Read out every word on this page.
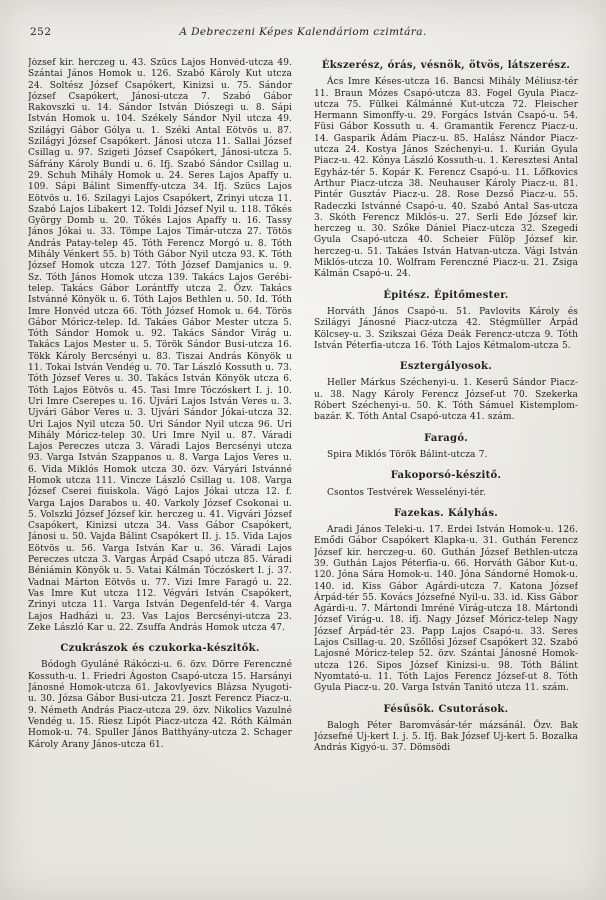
252	A Debreczeni Képes Kalendáriom czimtára.

József kir. herczeg u. 43. Szücs Lajos Honvéd-utcza 49. Szántai János Homok u. 126. Szabó Károly Kut utcza 24. Soltész József Csapókert, Kinizsi u. 75. Sándor József Csapókert, Jánosi-utcza 7. Szabó Gábor Rakovszki u. 14. Sándor István Diószegi u. 8. Sápi István Homok u. 104. Székely Sándor Nyil utcza 49. Szilágyi Gábor Gólya u. 1. Széki Antal Eötvös u. 87. Szilágyi József Csapókert. Jánosi utcza 11. Sallai József Csillag u. 97. Szigeti József Csapókert, Jánosi-utcza 5. Sáfrány Károly Bundi u. 6. Ifj. Szabó Sándor Csillag u. 29. Schuh Mihály Homok u. 24. Seres Lajos Apaffy u. 109. Sápi Bálint Simenffy-utcza 34. Ifj. Szücs Lajos Eötvös u. 16. Szilagyi Lajos Csapókert, Zrinyi utcza 11. Szabó Lajos Libakert 12. Toldi József Nyil u. 118. Tőkés György Domb u. 20. Tőkés Lajos Apaffy u. 16. Tassy János Jókai u. 33. Tömpe Lajos Timár-utcza 27. Tötös András Patay-telep 45. Tóth Ferencz Morgó u. 8. Tóth Mihály Vénkert 55. b) Tóth Gábor Nyil utcza 93. K. Tóth József Homok utcza 127. Tóth József Damjanics u. 9. Sz. Tóth János Homok utcza 139. Takács Lajos Gerébi-telep. Takács Gábor Lorántffy utcza 2. Özv. Takács Istvánné Könyök u. 6. Tóth Lajos Bethlen u. 50. Id. Tóth Imre Honvéd utcza 66. Tóth József Homok u. 64. Törös Gábor Móricz-telep. Id. Takáes Gábor Mester utcza 5. Tóth Sándor Homok u. 92. Takács Sándor Virág u. Takács Lajos Mester u. 5. Török Sándor Busi-utcza 16. Tökk Károly Bercsényi u. 83. Tiszai András Könyök u 11. Tokai István Vendég u. 70. Tar László Kossuth u. 73. Tóth József Veres u. 30. Takács István Könyök utcza 6. Tóth Lajos Eötvös u. 45. Tasi Imre Tóczóskert I. j. 10. Uri Imre Cserepes u. 16. Újvári Lajos István Veres u. 3. Ujvári Gábor Veres u. 3. Ujvári Sándor Jókai-utcza 32. Uri Lajos Nyil utcza 50. Uri Sándor Nyil utcza 96. Uri Mihály Móricz-telep 30. Uri Imre Nyil u. 87. Váradi Lajos Pereczes utcza 3. Váradi Lajos Bercsényi utcza 93. Varga István Szappanos u. 8. Varga Lajos Veres u. 6. Vida Miklós Homok utcza 30. özv. Váryári Istvánné Homok utcza 111. Vincze László Csillag u. 108. Varga József Cserei fiuiskola. Vágó Lajos Jókai utcza 12. f. Varga Lajos Darabos u. 40. Varkoly József Csokonai u. 5. Volszki József József kir. herczeg u. 41. Vigvári József Csapókert, Kinizsi utcza 34. Vass Gábor Csapókert, Jánosi u. 50. Vajda Bálint Csapókert II. j. 15. Vida Lajos Eötvös u. 56. Varga István Kar u. 36. Váradi Lajos Pereczes utcza 3. Vargas Árpád Csapó utcza 85. Váradi Béniámin Könyök u. 5. Vatai Kálmán Tóczóskert I. j. 37. Vadnai Márton Eötvös u. 77. Vizi Imre Faragó u. 22. Vas Imre Kut utcza 112. Végvári István Csapókert, Zrinyi utcza 11. Varga István Degenfeld-tér 4. Varga Lajos Hadházi u. 23. Vas Lajos Bercsényi-utcza 23. Zeke László Kar u. 22. Zsuffa András Homok utcza 47.

Czukrászok és czukorka-készitők.

Bódogh Gyuláné Rákóczi-u. 6. özv. Dörre Ferenczné Kossuth-u. 1. Friedri Ágoston Csapó-utcza 15. Harsányi Jánosné Homok-utcza 61. Jakovlyevics Blázsa Nyugoti-u. 30. Józsa Gábor Busi-utcza 21. Joszt Ferencz Piacz-u. 9. Németh András Piacz-utcza 29. özv. Nikolics Vazulné Vendég u. 15. Riesz Lipót Piacz-utcza 42. Róth Kálmán Homok-u. 74. Spuller János Batthyány-utcza 2. Schager Károly Arany János-utcza 61.

Ékszerész, órás, vésnök, ötvös, látszerész.

Ács Imre Késes-utcza 16. Bancsi Mihály Méliusz-tér 11. Braun Mózes Csapó-utcza 83. Fogel Gyula Piacz-utcza 75. Fülkei Kálmánné Kut-utcza 72. Fleischer Hermann Simonffy-u. 29. Forgács István Csapó-u. 54. Füsi Gábor Kossuth u. 4. Gramantik Ferencz Piacz-u. 14. Gasparik Ádám Piacz-u. 85. Halász Nándor Piacz-utcza 24. Kostya János Széchenyi-u. 1. Kurián Gyula Piacz-u. 42. Kónya László Kossuth-u. 1. Keresztesi Antal Egyház-tér 5. Kopár K. Ferencz Csapó-u. 11. Lőfkovics Arthur Piacz-utcza 38. Neuhauser Károly Piacz-u. 81. Pintér Gusztáv Piacz-u. 28. Rose Dezső Piacz-u. 55. Radeczki Istvánné Csapó-u. 40. Szabó Antal Sas-utcza 3. Skóth Ferencz Miklós-u. 27. Serli Ede József kir. herczeg u. 30. Szőke Dániel Piacz-utcza 32. Szegedi Gyula Csapó-utcza 40. Scheier Fülöp József kir. herczeg-u. 51. Takáes István Hatvan-utcza. Vági István Miklós-utcza 10. Wolfram Ferenczné Piacz-u. 21. Zsiga Kálmán Csapó-u. 24.

Épitész. Épitőmester.

Horváth János Csapó-u. 51. Pavlovits Károly és Szilágyi Jánosné Piacz-utcza 42. Stégmüller Árpád Kölcsey-u. 3. Szikszai Géza Deák Ferencz-utcza 9. Tóth István Péterfia-utcza 16. Tóth Lajos Kétmalom-utcza 5.

Esztergályosok.

Heller Márkus Széchenyi-u. 1. Keserű Sándor Piacz-u. 38. Nagy Károly Ferencz József-ut 70. Szekerka Róbert Széchenyi-u. 50. K. Tóth Sámuel Kistemplom-bazár. K. Tóth Antal Csapó-utcza 41. szám.

Faragó.

Spira Miklós Török Bálint-utcza 7.

Fakoporsó-készitő.

Csontos Testvérek Wesselényi-tér.

Fazekas. Kályhás.

Aradi János Teleki-u. 17. Erdei István Homok-u. 126. Emődi Gábor Csapókert Klapka-u. 31. Guthán Ferencz József kir. herczeg-u. 60. Guthán József Bethlen-utcza 39. Guthán Lajos Péterfia-u. 66. Horváth Gábor Kut-u. 120. Jóna Sára Homok-u. 140. Jóna Sándorné Homok-u. 140. id. Kiss Gábor Agárdi-utcza 7. Katona József Árpád-tér 55. Kovács Józsefné Nyil-u. 33. id. Kiss Gábor Agárdi-u. 7. Mártondi Imréné Virág-utcza 18. Mártondi József Virág-u. 18. ifj. Nagy József Móricz-telep Nagy József Árpád-tér 23. Papp Lajos Csapó-u. 33. Seres Lajos Csillag-u. 20. Szőllősi József Csapókert 32. Szabó Lajosné Móricz-telep 52. özv. Szántai Jánosné Homok-utcza 126. Sipos József Kinizsi-u. 98. Tóth Bálint Nyomtató-u. 11. Tóth Lajos Ferencz József-ut 8. Tóth Gyula Piacz-u. 20. Varga István Tanitó utcza 11. szám.

Fésűsök. Csutorások.

Balogh Péter Baromvásár-tér mázsánál. Özv. Bak Józsefné Uj-kert I. j. 5. Ifj. Bak József Uj-kert 5. Bozalka András Kigyó-u. 37. Dömsödi
